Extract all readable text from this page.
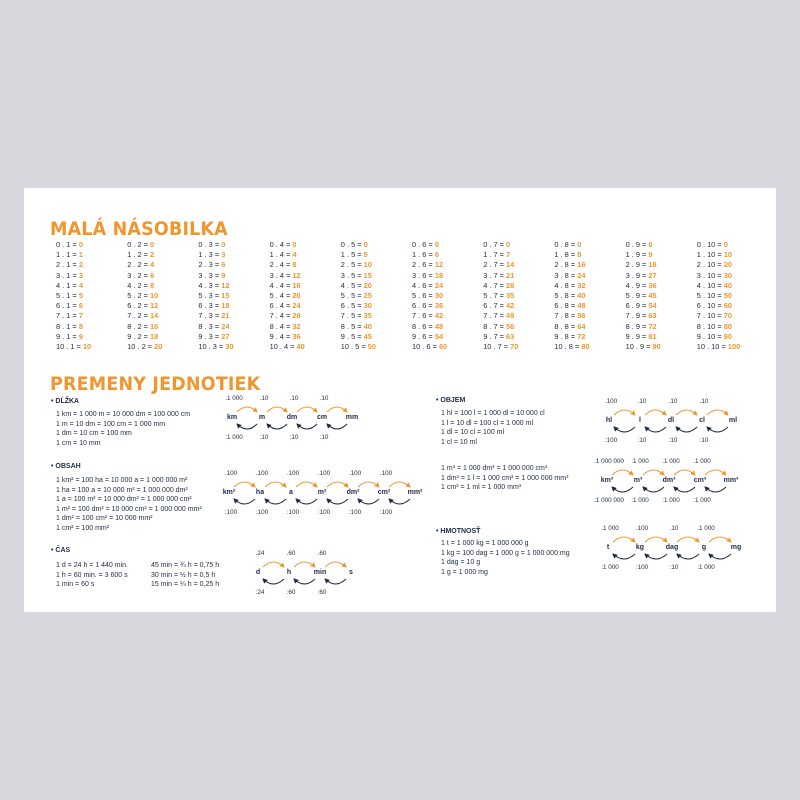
MALÁ NÁSOBILKA
0 . 1 = 0
1 . 1 = 1
2 . 1 = 2
3 . 1 = 3
4 . 1 = 4
5 . 1 = 5
6 . 1 = 6
7 . 1 = 7
8 . 1 = 8
9 . 1 = 9
10 . 1 = 10
0 . 2 = 0
1 . 2 = 2
2 . 2 = 4
3 . 2 = 6
4 . 2 = 8
5 . 2 = 10
6 . 2 = 12
7 . 2 = 14
8 . 2 = 16
9 . 2 = 18
10 . 2 = 20
0 . 3 = 0
1 . 3 = 3
2 . 3 = 6
3 . 3 = 9
4 . 3 = 12
5 . 3 = 15
6 . 3 = 18
7 . 3 = 21
8 . 3 = 24
9 . 3 = 27
10 . 3 = 30
0 . 4 = 0
1 . 4 = 4
2 . 4 = 8
3 . 4 = 12
4 . 4 = 16
5 . 4 = 20
6 . 4 = 24
7 . 4 = 28
8 . 4 = 32
9 . 4 = 36
10 . 4 = 40
0 . 5 = 0
1 . 5 = 5
2 . 5 = 10
3 . 5 = 15
4 . 5 = 20
5 . 5 = 25
6 . 5 = 30
7 . 5 = 35
8 . 5 = 40
9 . 5 = 45
10 . 5 = 50
0 . 6 = 0
1 . 6 = 6
2 . 6 = 12
3 . 6 = 18
4 . 6 = 24
5 . 6 = 30
6 . 6 = 36
7 . 6 = 42
8 . 6 = 48
9 . 6 = 54
10 . 6 = 60
0 . 7 = 0
1 . 7 = 7
2 . 7 = 14
3 . 7 = 21
4 . 7 = 28
5 . 7 = 35
6 . 7 = 42
7 . 7 = 49
8 . 7 = 56
9 . 7 = 63
10 . 7 = 70
0 . 8 = 0
1 . 8 = 8
2 . 8 = 16
3 . 8 = 24
4 . 8 = 32
5 . 8 = 40
6 . 8 = 48
7 . 8 = 56
8 . 8 = 64
9 . 8 = 72
10 . 8 = 80
0 . 9 = 0
1 . 9 = 9
2 . 9 = 18
3 . 9 = 27
4 . 9 = 36
5 . 9 = 45
6 . 9 = 54
7 . 9 = 63
8 . 9 = 72
9 . 9 = 81
10 . 9 = 90
0 . 10 = 0
1 . 10 = 10
2 . 10 = 20
3 . 10 = 30
4 . 10 = 40
5 . 10 = 50
6 . 10 = 60
7 . 10 = 70
8 . 10 = 80
9 . 10 = 90
10 . 10 = 100
PREMENY JEDNOTIEK
• DĹŽKA
1 km = 1 000 m = 10 000 dm = 100 000 cm
1 m = 10 dm = 100 cm = 1 000 mm
1 dm = 10 cm = 100 mm
1 cm = 10 mm
km	m	dm	cm	mm
.1 000
:1 000
.10
:10
.10
:10
.10
:10
• OBSAH
1 km² = 100 ha = 10 000 a = 1 000 000 m²
1 ha = 100 a = 10 000 m² = 1 000 000 dm²
1 a = 100 m² = 10 000 dm² = 1 000 000 cm²
1 m² = 100 dm² = 10 000 cm² = 1 000 000 mm²
1 dm² = 100 cm² = 10 000 mm²
1 cm² = 100 mm²
km²	ha	a	m²	dm²	cm² mm²
.100
:100
.100
:100
.100
:100
.100
:100
.100
:100
.100
:100
• ČAS
1 d = 24 h = 1 440 min.
1 h = 60 min. = 3 600 s
1 min = 60 s
45 min = ¾ h = 0,75 h
30 min = ½ h = 0,5 h
15 min = ¼ h = 0,25 h
d	h	min	s
.24
:24
.60
:60
.60
:60
• OBJEM
1 hl = 100 l = 1 000 dl = 10 000 cl
1 l = 10 dl = 100 cl = 1 000 ml
1 dl = 10 cl = 100 ml
1 cl = 10 ml
hl	l	dl	cl	ml
.100
:100
.10
:10
.10
:10
.10
:10
1 m³ = 1 000 dm³ = 1 000 000 cm³
1 dm³ = 1 l = 1 000 cm³ = 1 000 000 mm³
1 cm³ = 1 ml = 1 000 mm³
km³	m³	dm³	cm³ mm³
.1 000 000
:1 000 000
.1 000
:1 000
.1 000
:1 000
.1 000
:1 000
• HMOTNOSŤ
1 t = 1 000 kg = 1 000 000 g
1 kg = 100 dag = 1 000 g = 1 000 000 mg
1 dag = 10 g
1 g = 1 000 mg
t	kg	dag	g	mg
.1 000
:1 000
.100
:100
.10
:10
.1 000
:1 000
